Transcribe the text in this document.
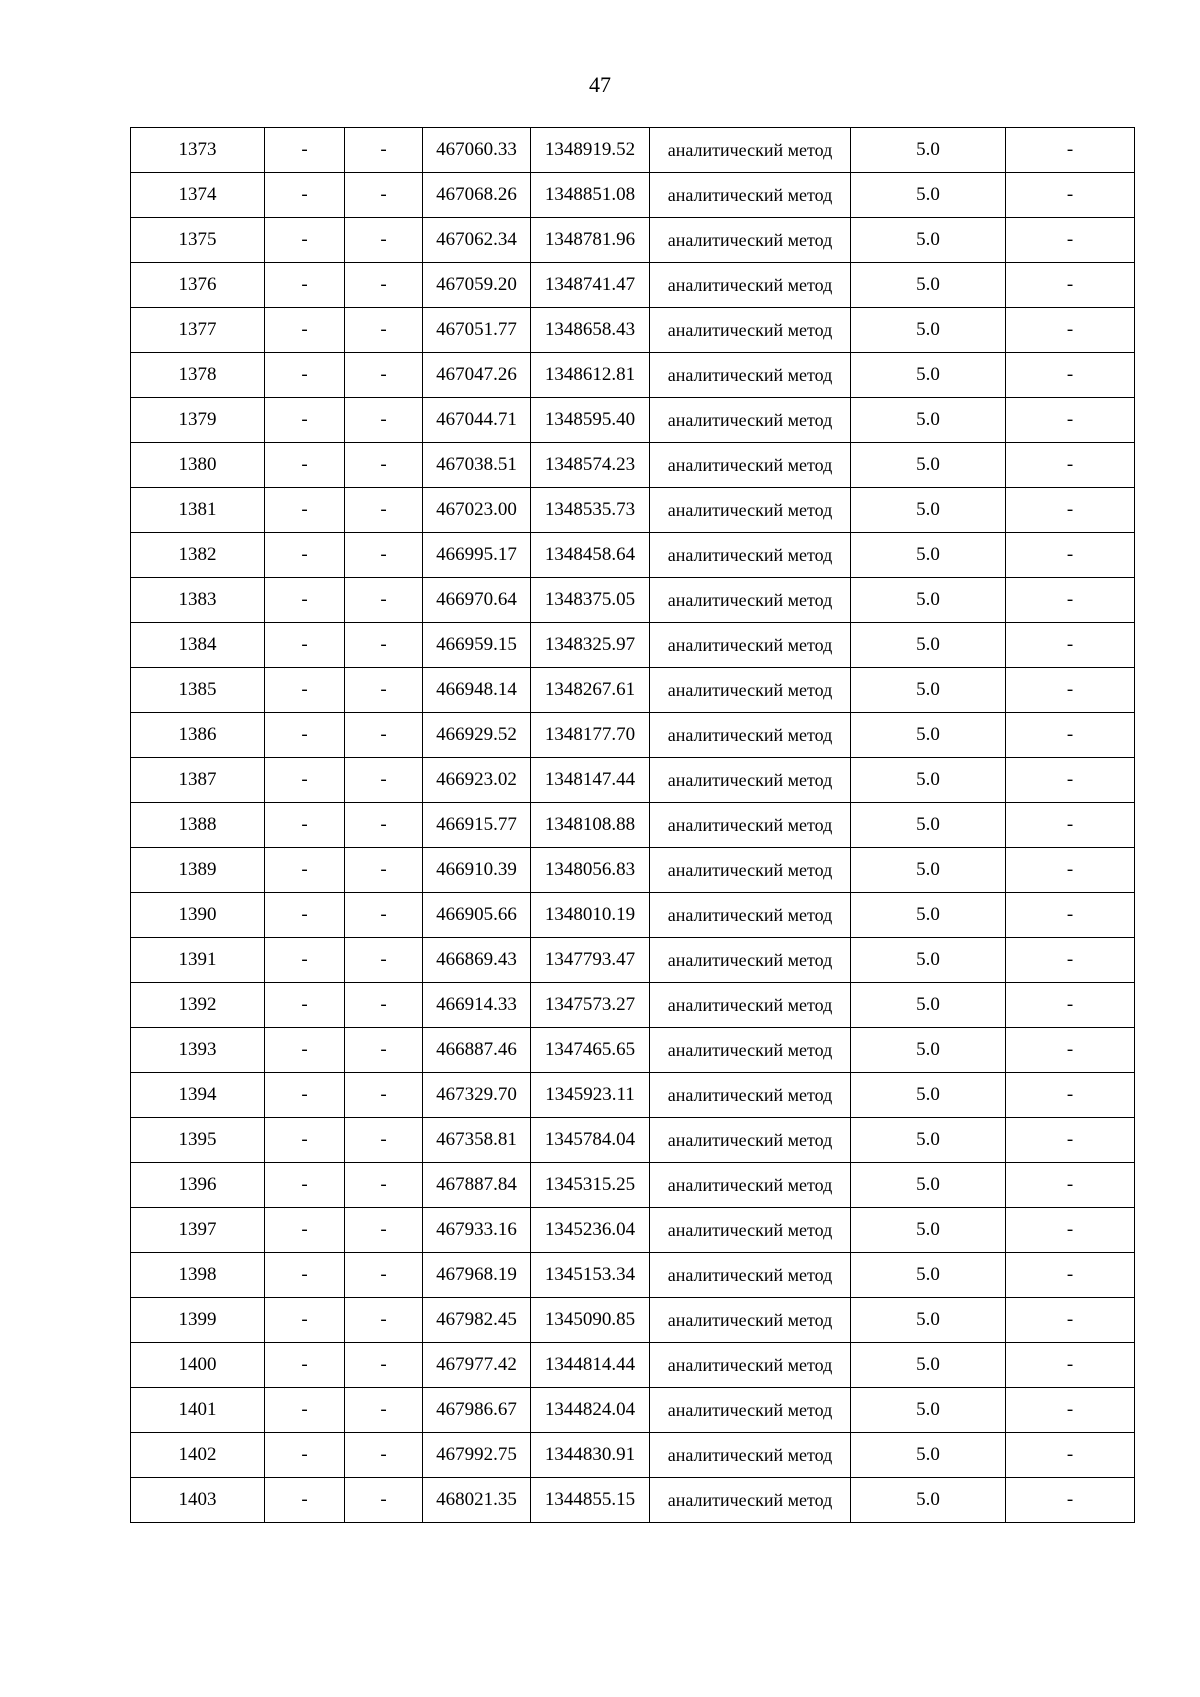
47
1373	-	-	467060.33	1348919.52	аналитический метод	5.0	-
1374	-	-	467068.26	1348851.08	аналитический метод	5.0	-
1375	-	-	467062.34	1348781.96	аналитический метод	5.0	-
1376	-	-	467059.20	1348741.47	аналитический метод	5.0	-
1377	-	-	467051.77	1348658.43	аналитический метод	5.0	-
1378	-	-	467047.26	1348612.81	аналитический метод	5.0	-
1379	-	-	467044.71	1348595.40	аналитический метод	5.0	-
1380	-	-	467038.51	1348574.23	аналитический метод	5.0	-
1381	-	-	467023.00	1348535.73	аналитический метод	5.0	-
1382	-	-	466995.17	1348458.64	аналитический метод	5.0	-
1383	-	-	466970.64	1348375.05	аналитический метод	5.0	-
1384	-	-	466959.15	1348325.97	аналитический метод	5.0	-
1385	-	-	466948.14	1348267.61	аналитический метод	5.0	-
1386	-	-	466929.52	1348177.70	аналитический метод	5.0	-
1387	-	-	466923.02	1348147.44	аналитический метод	5.0	-
1388	-	-	466915.77	1348108.88	аналитический метод	5.0	-
1389	-	-	466910.39	1348056.83	аналитический метод	5.0	-
1390	-	-	466905.66	1348010.19	аналитический метод	5.0	-
1391	-	-	466869.43	1347793.47	аналитический метод	5.0	-
1392	-	-	466914.33	1347573.27	аналитический метод	5.0	-
1393	-	-	466887.46	1347465.65	аналитический метод	5.0	-
1394	-	-	467329.70	1345923.11	аналитический метод	5.0	-
1395	-	-	467358.81	1345784.04	аналитический метод	5.0	-
1396	-	-	467887.84	1345315.25	аналитический метод	5.0	-
1397	-	-	467933.16	1345236.04	аналитический метод	5.0	-
1398	-	-	467968.19	1345153.34	аналитический метод	5.0	-
1399	-	-	467982.45	1345090.85	аналитический метод	5.0	-
1400	-	-	467977.42	1344814.44	аналитический метод	5.0	-
1401	-	-	467986.67	1344824.04	аналитический метод	5.0	-
1402	-	-	467992.75	1344830.91	аналитический метод	5.0	-
1403	-	-	468021.35	1344855.15	аналитический метод	5.0	-
